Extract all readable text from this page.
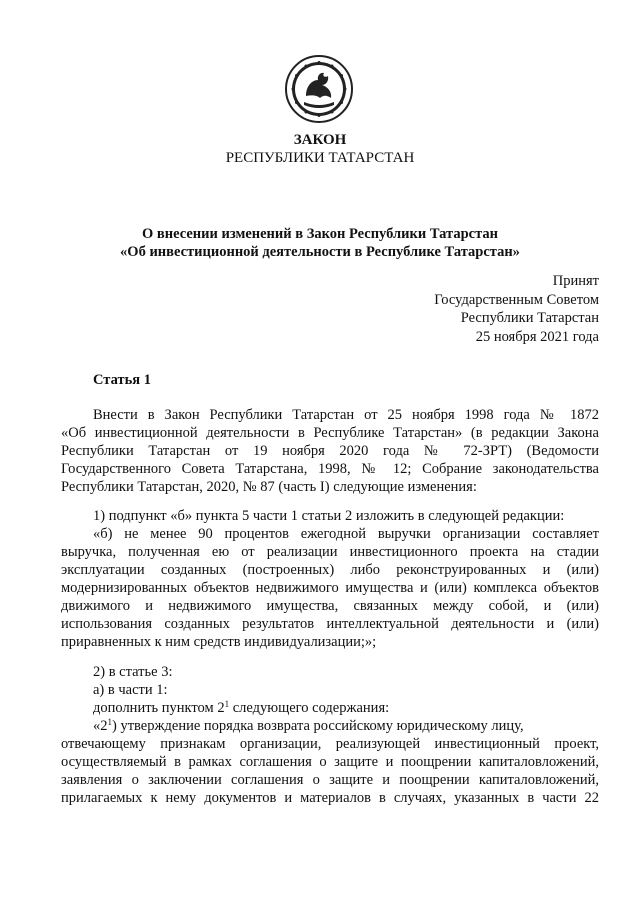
ЗАКОН
РЕСПУБЛИКИ ТАТАРСТАН
О внесении изменений в Закон Республики Татарстан
«Об инвестиционной деятельности в Республике Татарстан»
Принят
Государственным Советом
Республики Татарстан
25 ноября 2021 года
Статья 1
Внести в Закон Республики Татарстан от 25 ноября 1998 года № 1872
«Об инвестиционной деятельности в Республике Татарстан» (в редакции Закона
Республики Татарстан от 19 ноября 2020 года № 72-ЗРТ) (Ведомости
Государственного Совета Татарстана, 1998, № 12; Собрание законодательства
Республики Татарстан, 2020, № 87 (часть I) следующие изменения:
1) подпункт «б» пункта 5 части 1 статьи 2 изложить в следующей редакции:
«б) не менее 90 процентов ежегодной выручки организации составляет
выручка, полученная ею от реализации инвестиционного проекта на стадии
эксплуатации созданных (построенных) либо реконструированных и (или)
модернизированных объектов недвижимого имущества и (или) комплекса объектов
движимого и недвижимого имущества, связанных между собой, и (или)
использования созданных результатов интеллектуальной деятельности и (или)
приравненных к ним средств индивидуализации;»;
2) в статье 3:
а) в части 1:
дополнить пунктом $2^1$ следующего содержания:
«$2^1$) утверждение порядка возврата российскому юридическому лицу,
отвечающему признакам организации, реализующей инвестиционный проект,
осуществляемый в рамках соглашения о защите и поощрении капиталовложений,
заявления о заключении соглашения о защите и поощрении капиталовложений,
прилагаемых к нему документов и материалов в случаях, указанных в части 22
